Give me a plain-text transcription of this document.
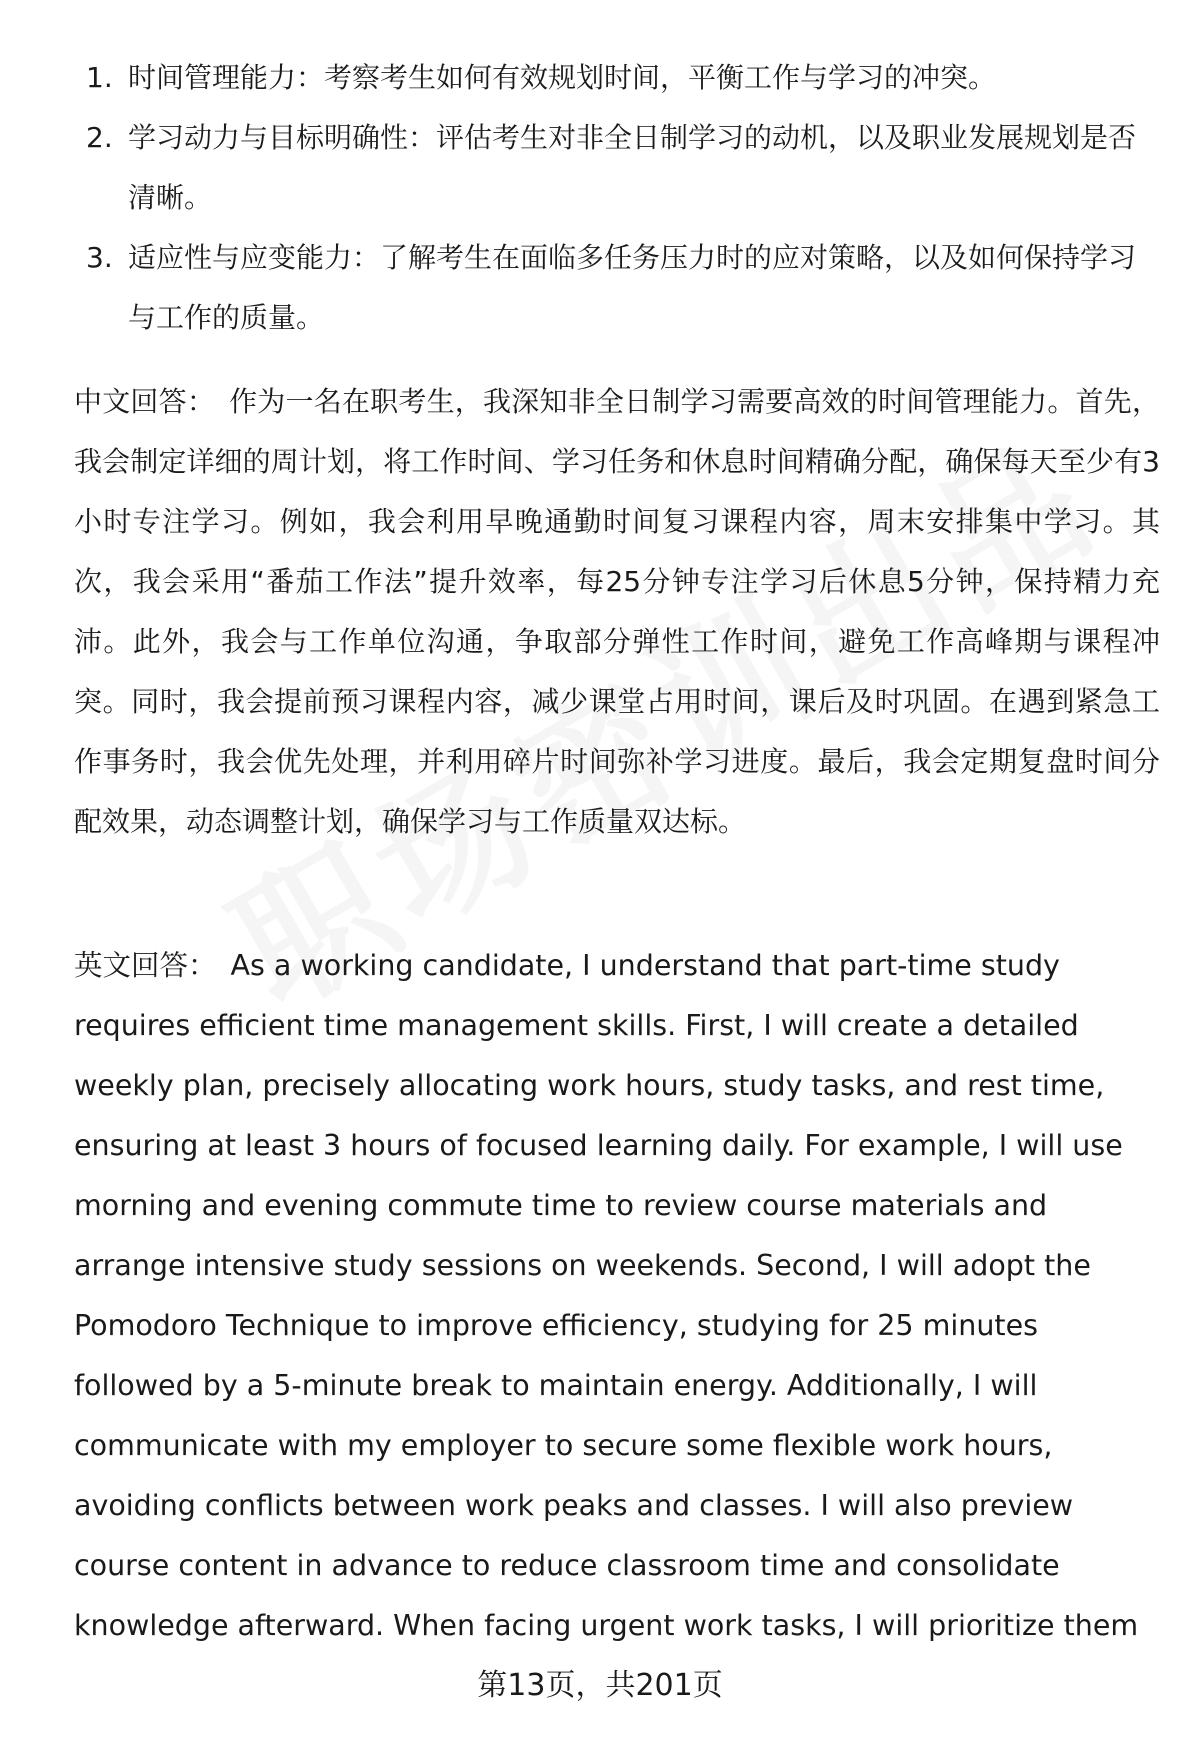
1. 时间管理能力：考察考生如何有效规划时间，平衡工作与学习的冲突。
2. 学习动力与目标明确性：评估考生对非全日制学习的动机，以及职业发展规划是否清晰。
3. 适应性与应变能力：了解考生在面临多任务压力时的应对策略，以及如何保持学习与工作的质量。

中文回答： 作为一名在职考生，我深知非全日制学习需要高效的时间管理能力。首先，我会制定详细的周计划，将工作时间、学习任务和休息时间精确分配，确保每天至少有3小时专注学习。例如，我会利用早晚通勤时间复习课程内容，周末安排集中学习。其次，我会采用“番茄工作法”提升效率，每25分钟专注学习后休息5分钟，保持精力充沛。此外，我会与工作单位沟通，争取部分弹性工作时间，避免工作高峰期与课程冲突。同时，我会提前预习课程内容，减少课堂占用时间，课后及时巩固。在遇到紧急工作事务时，我会优先处理，并利用碎片时间弥补学习进度。最后，我会定期复盘时间分配效果，动态调整计划，确保学习与工作质量双达标。

英文回答： As a working candidate, I understand that part-time study requires efficient time management skills. First, I will create a detailed weekly plan, precisely allocating work hours, study tasks, and rest time, ensuring at least 3 hours of focused learning daily. For example, I will use morning and evening commute time to review course materials and arrange intensive study sessions on weekends. Second, I will adopt the Pomodoro Technique to improve efficiency, studying for 25 minutes followed by a 5-minute break to maintain energy. Additionally, I will communicate with my employer to secure some flexible work hours, avoiding conflicts between work peaks and classes. I will also preview course content in advance to reduce classroom time and consolidate knowledge afterward. When facing urgent work tasks, I will prioritize them

第13页，共201页
